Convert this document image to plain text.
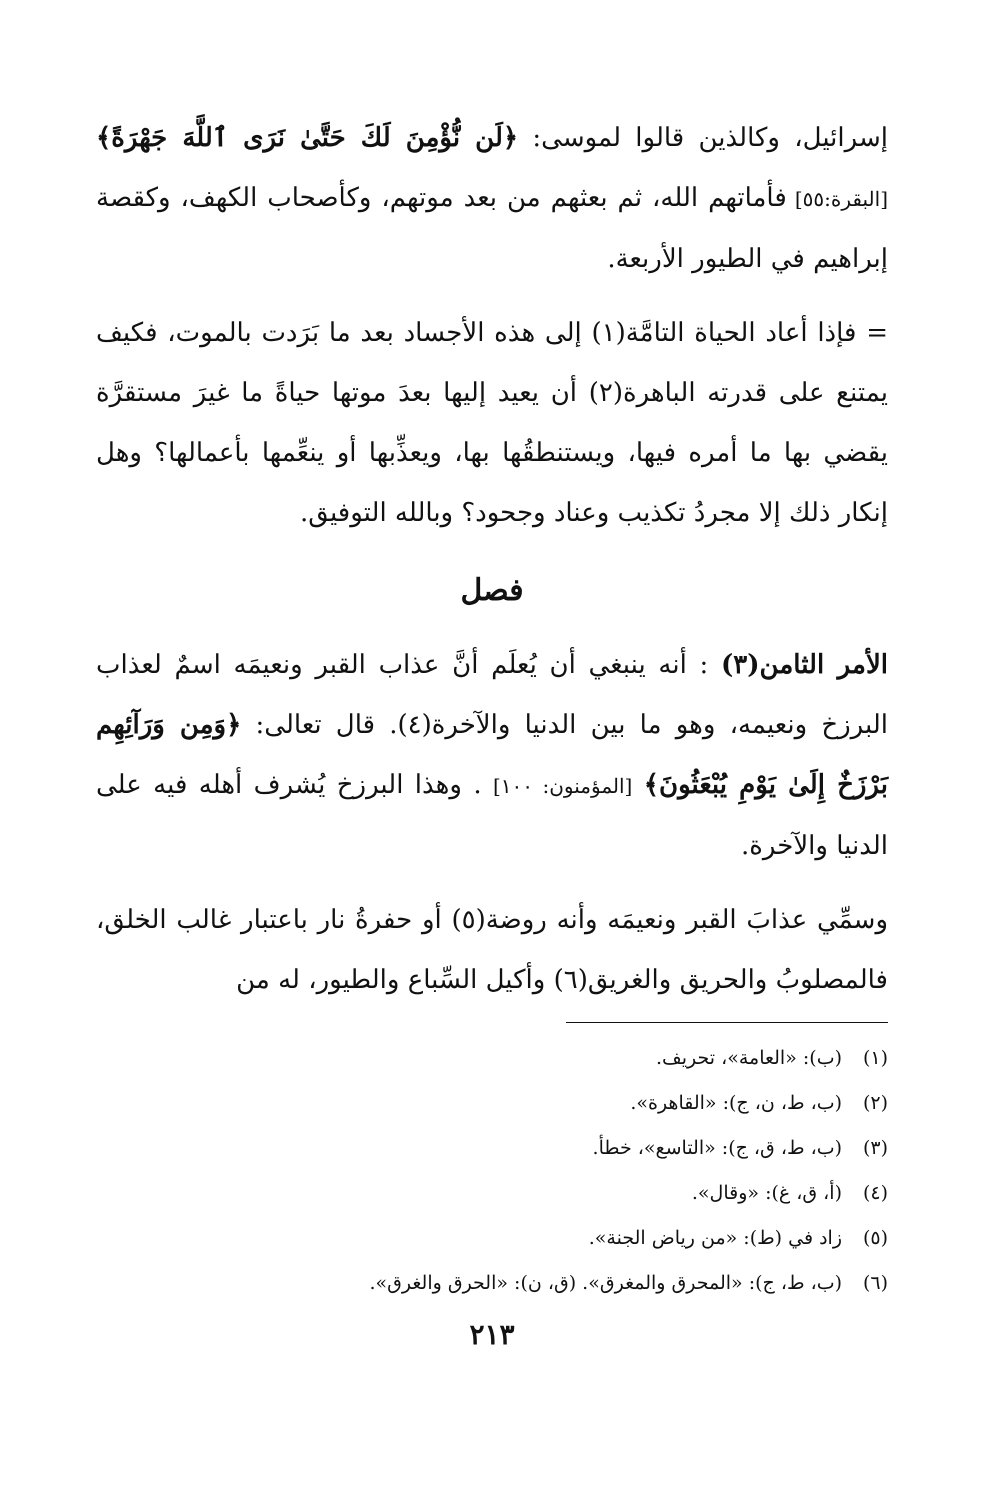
إسرائيل، وكالذين قالوا لموسى: ﴿لَن نُّؤْمِنَ لَكَ حَتَّىٰ نَرَى ٱللَّهَ جَهْرَةً﴾ [البقرة:٥٥] فأماتهم الله، ثم بعثهم من بعد موتهم، وكأصحاب الكهف، وكقصة إبراهيم في الطيور الأربعة.

= فإذا أعاد الحياة التامَّة(١) إلى هذه الأجساد بعد ما بَرَدت بالموت، فكيف يمتنع على قدرته الباهرة(٢) أن يعيد إليها بعدَ موتها حياةً ما غيرَ مستقرَّة يقضي بها ما أمره فيها، ويستنطقُها بها، ويعذِّبها أو ينعِّمها بأعمالها؟ وهل إنكار ذلك إلا مجردُ تكذيب وعناد وجحود؟ وبالله التوفيق.

فصل

الأمر الثامن(٣) : أنه ينبغي أن يُعلَم أنَّ عذاب القبر ونعيمَه اسمٌ لعذاب البرزخ ونعيمه، وهو ما بين الدنيا والآخرة(٤). قال تعالى: ﴿وَمِن وَرَآئِهِم بَرْزَخٌ إِلَىٰ يَوْمِ يُبْعَثُونَ﴾ [المؤمنون: ١٠٠] . وهذا البرزخ يُشرف أهله فيه على الدنيا والآخرة.

وسمِّي عذابَ القبر ونعيمَه وأنه روضة(٥) أو حفرةُ نار باعتبار غالب الخلق، فالمصلوبُ والحريق والغريق(٦) وأكيل السِّباع والطيور، له من

(١)
(ب): «العامة»، تحريف.
(٢)
(ب، ط، ن، ج): «القاهرة».
(٣)
(ب، ط، ق، ج): «التاسع»، خطأ.
(٤)
(أ، ق، غ): «وقال».
(٥)
زاد في (ط): «من رياض الجنة».
(٦)
(ب، ط، ج): «المحرق والمغرق». (ق، ن): «الحرق والغرق».
٢١٣
